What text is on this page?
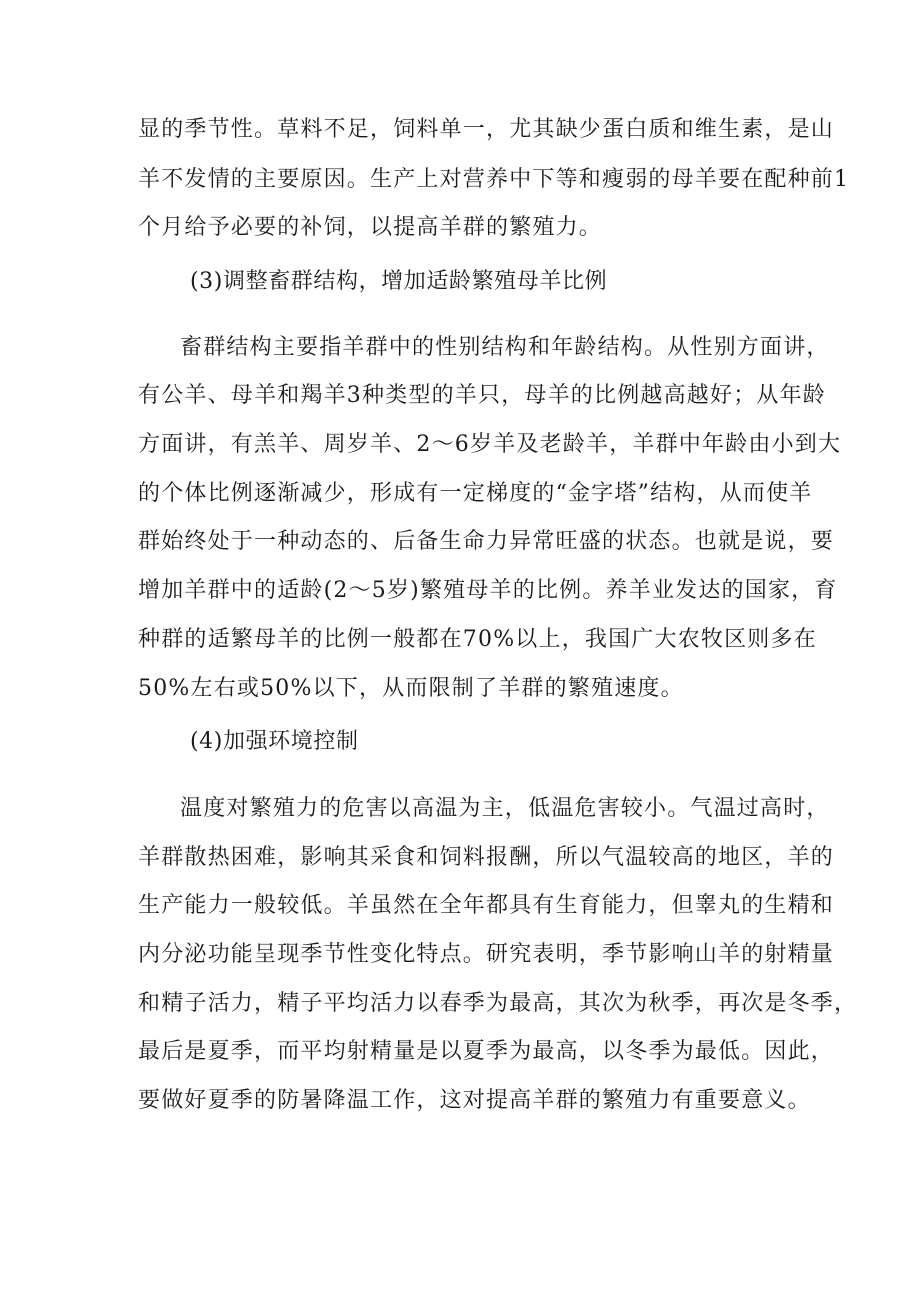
显的季节性。草料不足，饲料单一，尤其缺少蛋白质和维生素，是山
羊不发情的主要原因。生产上对营养中下等和瘦弱的母羊要在配种前1
个月给予必要的补饲，以提高羊群的繁殖力。
(3)调整畜群结构，增加适龄繁殖母羊比例
畜群结构主要指羊群中的性别结构和年龄结构。从性别方面讲，
有公羊、母羊和羯羊3种类型的羊只，母羊的比例越高越好；从年龄
方面讲，有羔羊、周岁羊、2～6岁羊及老龄羊，羊群中年龄由小到大
的个体比例逐渐减少，形成有一定梯度的“金字塔”结构，从而使羊
群始终处于一种动态的、后备生命力异常旺盛的状态。也就是说，要
增加羊群中的适龄(2～5岁)繁殖母羊的比例。养羊业发达的国家，育
种群的适繁母羊的比例一般都在70%以上，我国广大农牧区则多在
50%左右或50%以下，从而限制了羊群的繁殖速度。
(4)加强环境控制
温度对繁殖力的危害以高温为主，低温危害较小。气温过高时，
羊群散热困难，影响其采食和饲料报酬，所以气温较高的地区，羊的
生产能力一般较低。羊虽然在全年都具有生育能力，但睾丸的生精和
内分泌功能呈现季节性变化特点。研究表明，季节影响山羊的射精量
和精子活力，精子平均活力以春季为最高，其次为秋季，再次是冬季，
最后是夏季，而平均射精量是以夏季为最高，以冬季为最低。因此，
要做好夏季的防暑降温工作，这对提高羊群的繁殖力有重要意义。
